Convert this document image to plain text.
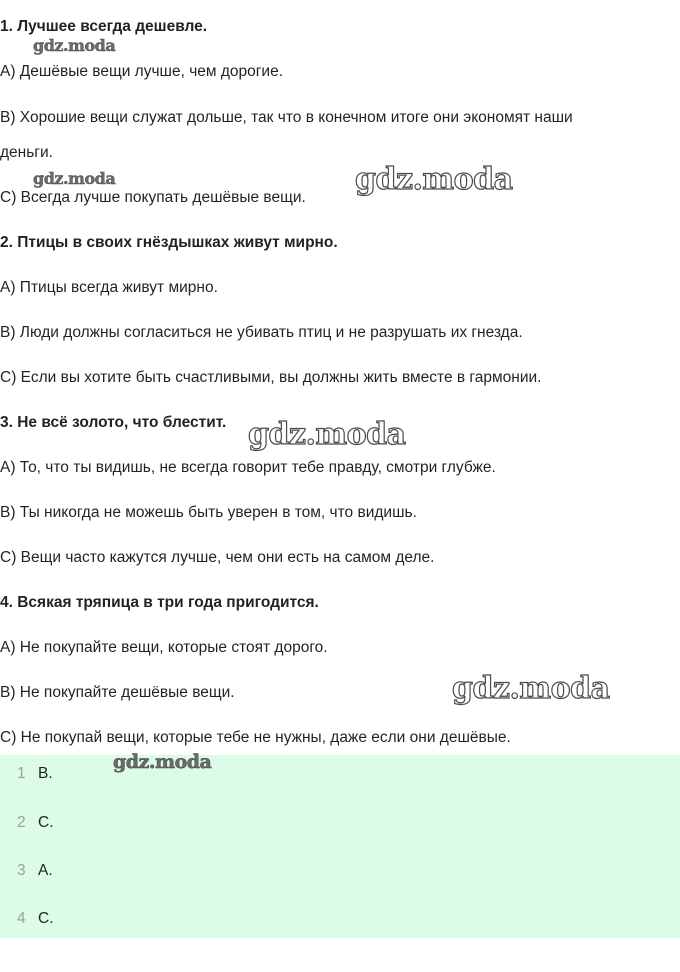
1. Лучшее всегда дешевле.
gdz.moda
A) Дешёвые вещи лучше, чем дорогие.
B) Хорошие вещи служат дольше, так что в конечном итоге они экономят наши
деньги.
gdz.moda
C) Всегда лучше покупать дешёвые вещи.
gdz.moda
2. Птицы в своих гнёздышках живут мирно.
A) Птицы всегда живут мирно.
B) Люди должны согласиться не убивать птиц и не разрушать их гнезда.
C) Если вы хотите быть счастливыми, вы должны жить вместе в гармонии.
3. Не всё золото, что блестит. gdz.moda
A) То, что ты видишь, не всегда говорит тебе правду, смотри глубже.
B) Ты никогда не можешь быть уверен в том, что видишь.
C) Вещи часто кажутся лучше, чем они есть на самом деле.
4. Всякая тряпица в три года пригодится.
A) Не покупайте вещи, которые стоят дорого.
B) Не покупайте дешёвые вещи.	gdz.moda
C) Не покупай вещи, которые тебе не нужны, даже если они дешёвые.
1 B.
gdz.moda
2 C.
3 A.
4 C.
